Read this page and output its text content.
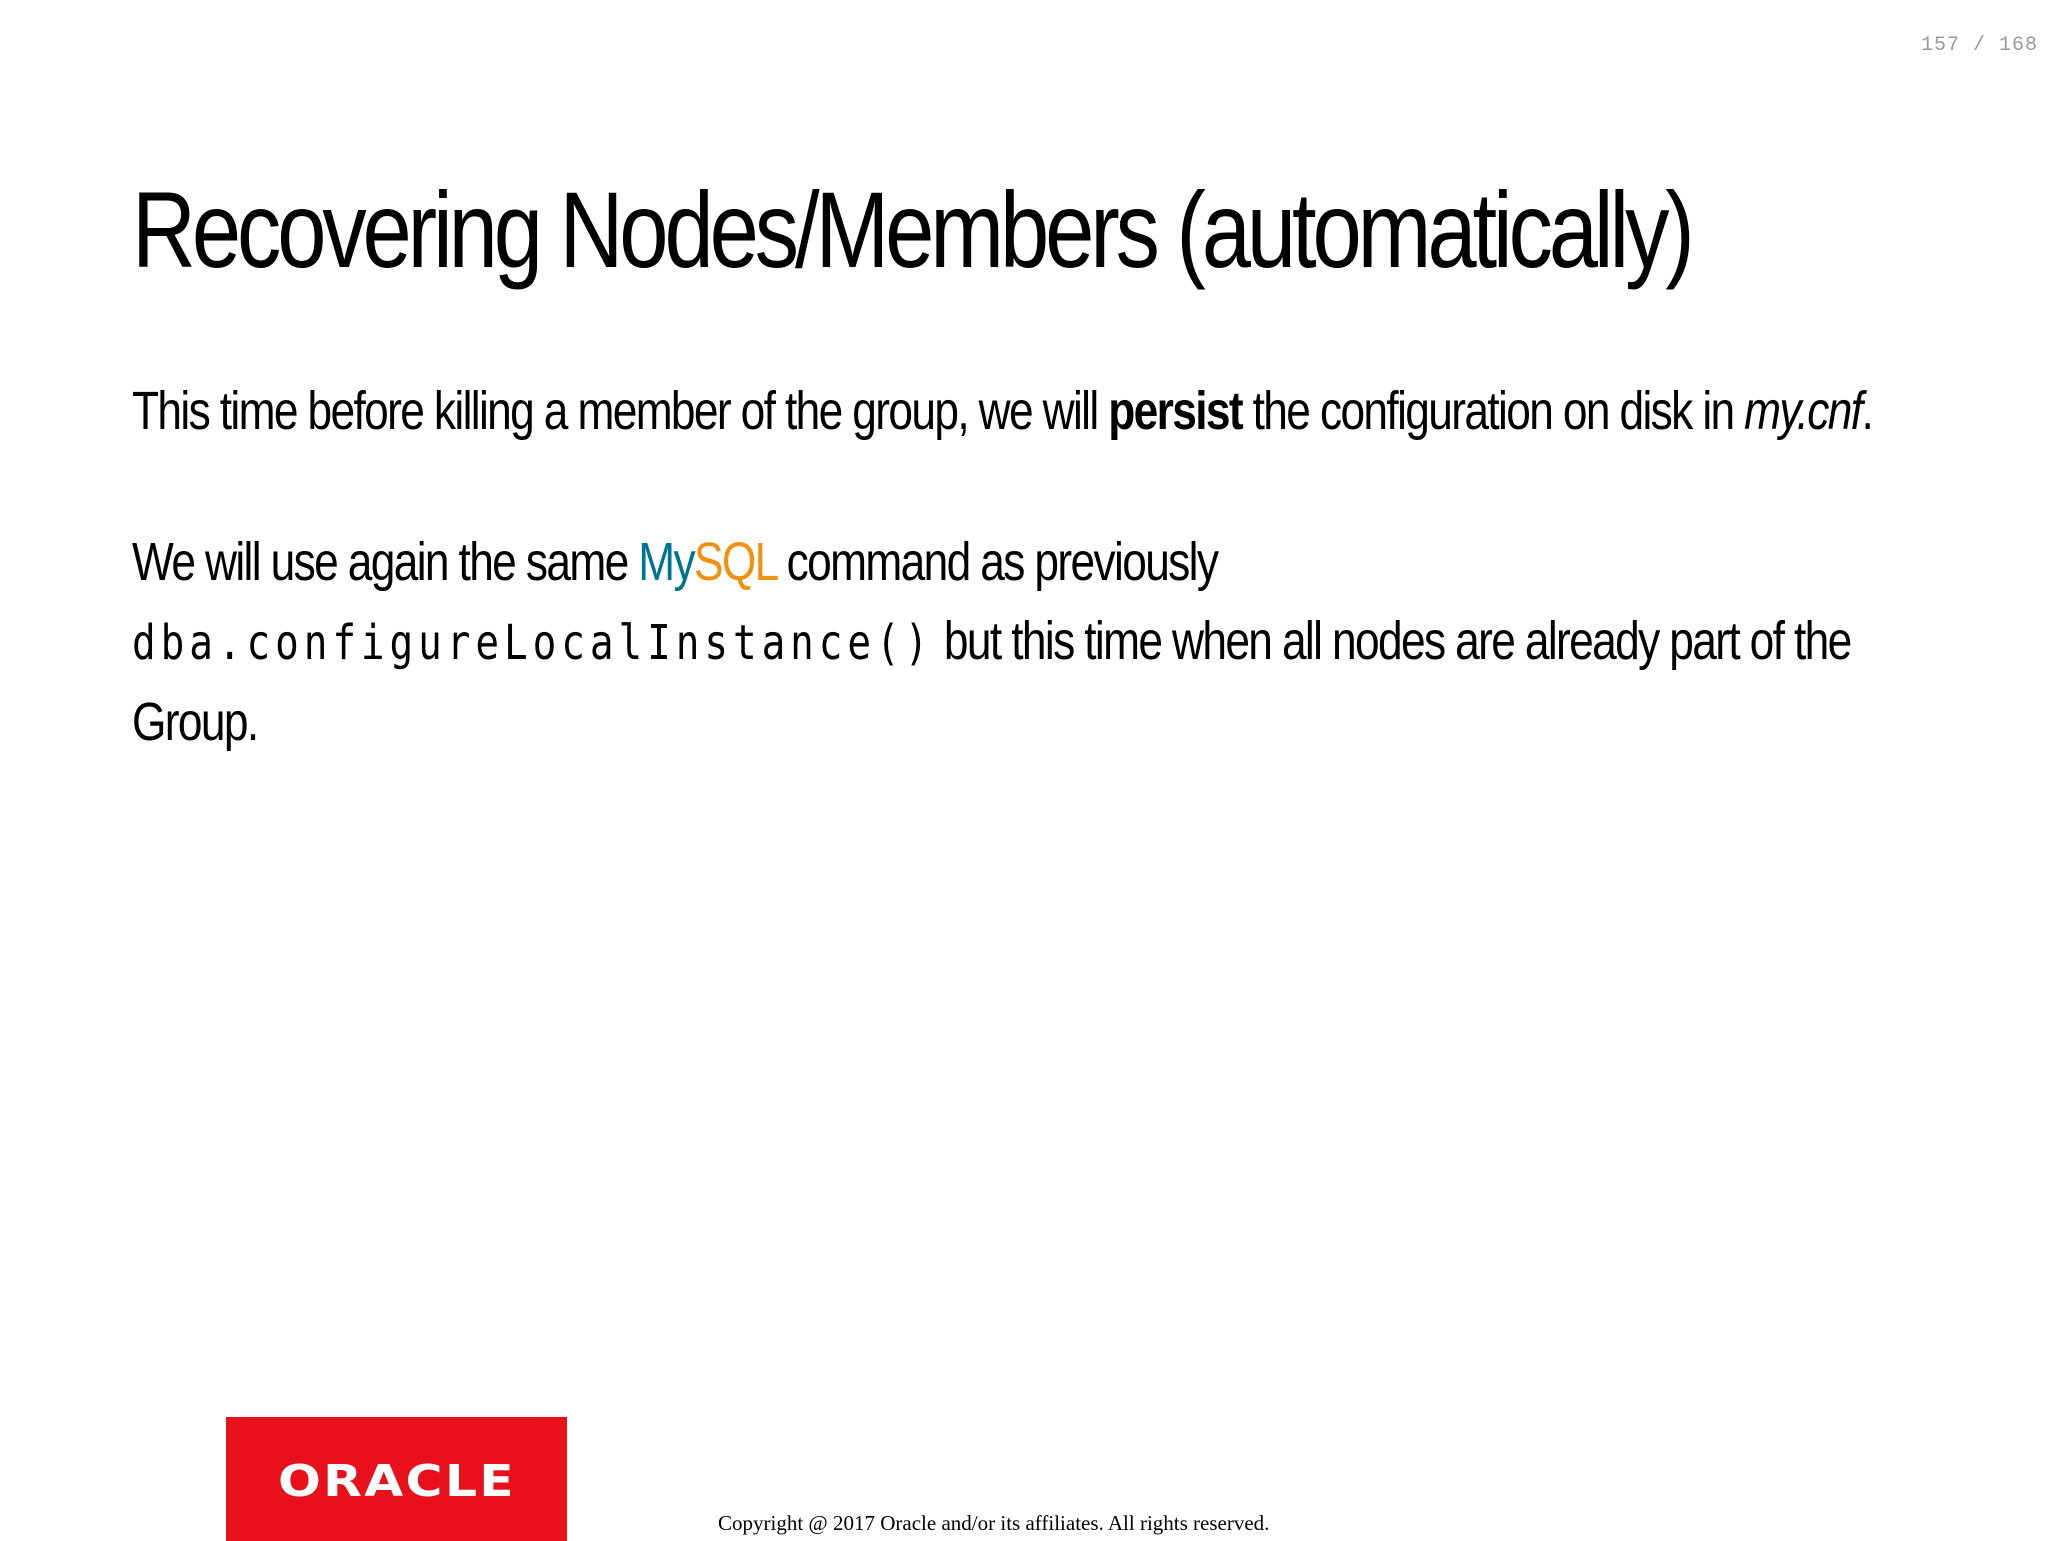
157 / 168
Recovering Nodes/Members (automatically)

This time before killing a member of the group, we will persist the configuration on disk in my.cnf.

We will use again the same MySQL command as previously dba.configureLocalInstance() but this time when all nodes are already part of the Group.

ORACLE
Copyright @ 2017 Oracle and/or its affiliates. All rights reserved.
